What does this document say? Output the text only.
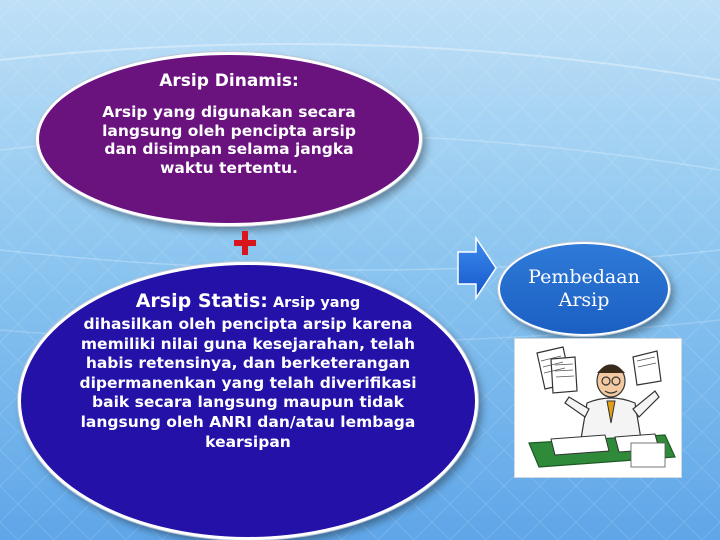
Arsip Dinamis:
Arsip yang digunakan secara langsung oleh pencipta arsip dan disimpan selama jangka waktu tertentu.
Arsip Statis: Arsip yang
dihasilkan oleh pencipta arsip karena memiliki nilai guna kesejarahan, telah habis retensinya, dan berketerangan dipermanenkan yang telah diverifikasi baik secara langsung maupun tidak langsung oleh ANRI dan/atau lembaga kearsipan
Pembedaan Arsip
